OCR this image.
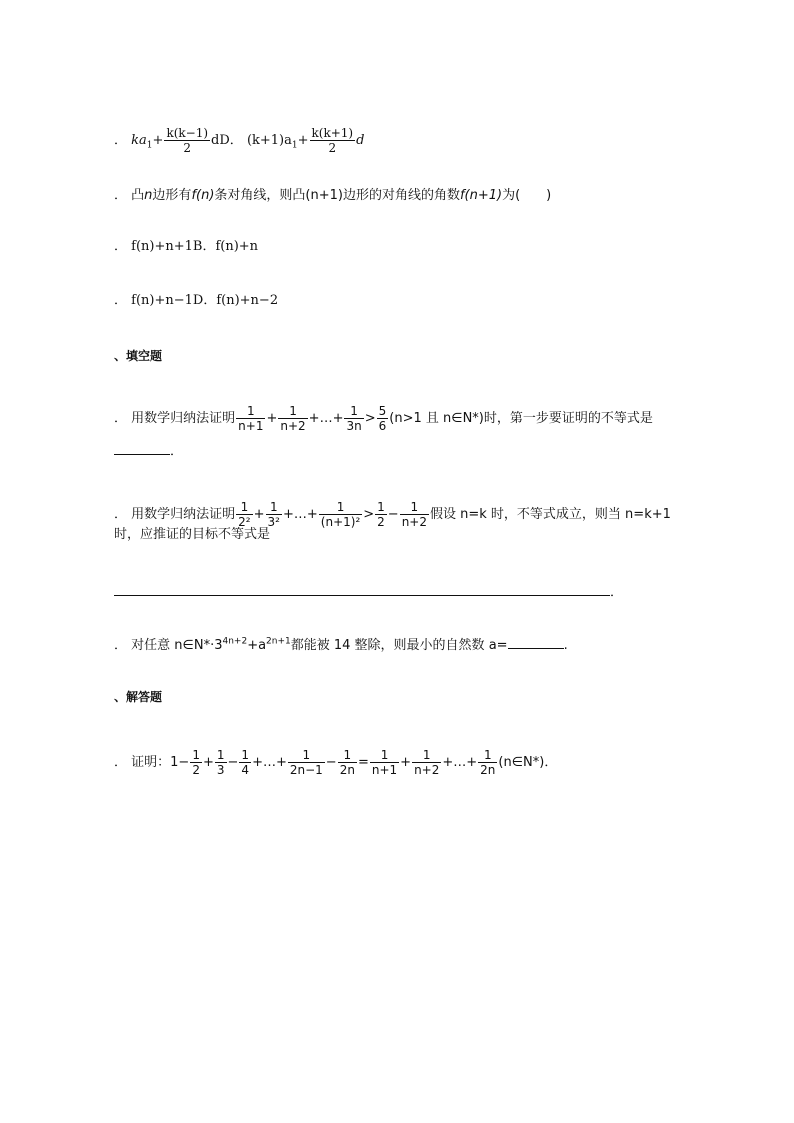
． $ka_1+ \frac{k(k-1)}{2}$ dD． $(k+1)a_1+ \frac{k(k+1)}{2}$ d
． 凸n边形有f(n)条对角线，则凸(n+1)边形的对角线的角数f(n+1)为(　　)
． f(n)+n+1B．f(n)+n
． f(n)+n−1D．f(n)+n−2
、填空题
． 用数学归纳法证明 $\frac{1}{n+1} + \frac{1}{n+2}$ +…+ $\frac{1}{3n} > \frac{5}{6} (n>1$ 且 n∈N*)时，第一步要证明的不等式是
．
． 用数学归纳法证明 $\frac{1}{\text{2²}} + \frac{1}{\text{3²}}$ +…+ $\frac{1}{\text{(n+1)²}} > \frac{1}{2} - \frac{1}{n+2}$ 假设 n=k 时，不等式成立，则当 n=k+1
时，应推证的目标不等式是
．
． 对任意 $n\in N*\cdot 3^{4n+2}+a^{2n+1}$都能被 14 整除，则最小的自然数 a=	.
、解答题
． 证明：$1- \frac{1}{2} + \frac{1}{3} - \frac{1}{4}$ +…+ $\frac{1}{2n-1} - \frac{1}{2n} = \frac{1}{n+1} + \frac{1}{n+2}$ +…+ $\frac{1}{2n}$ (n∈N*)．
